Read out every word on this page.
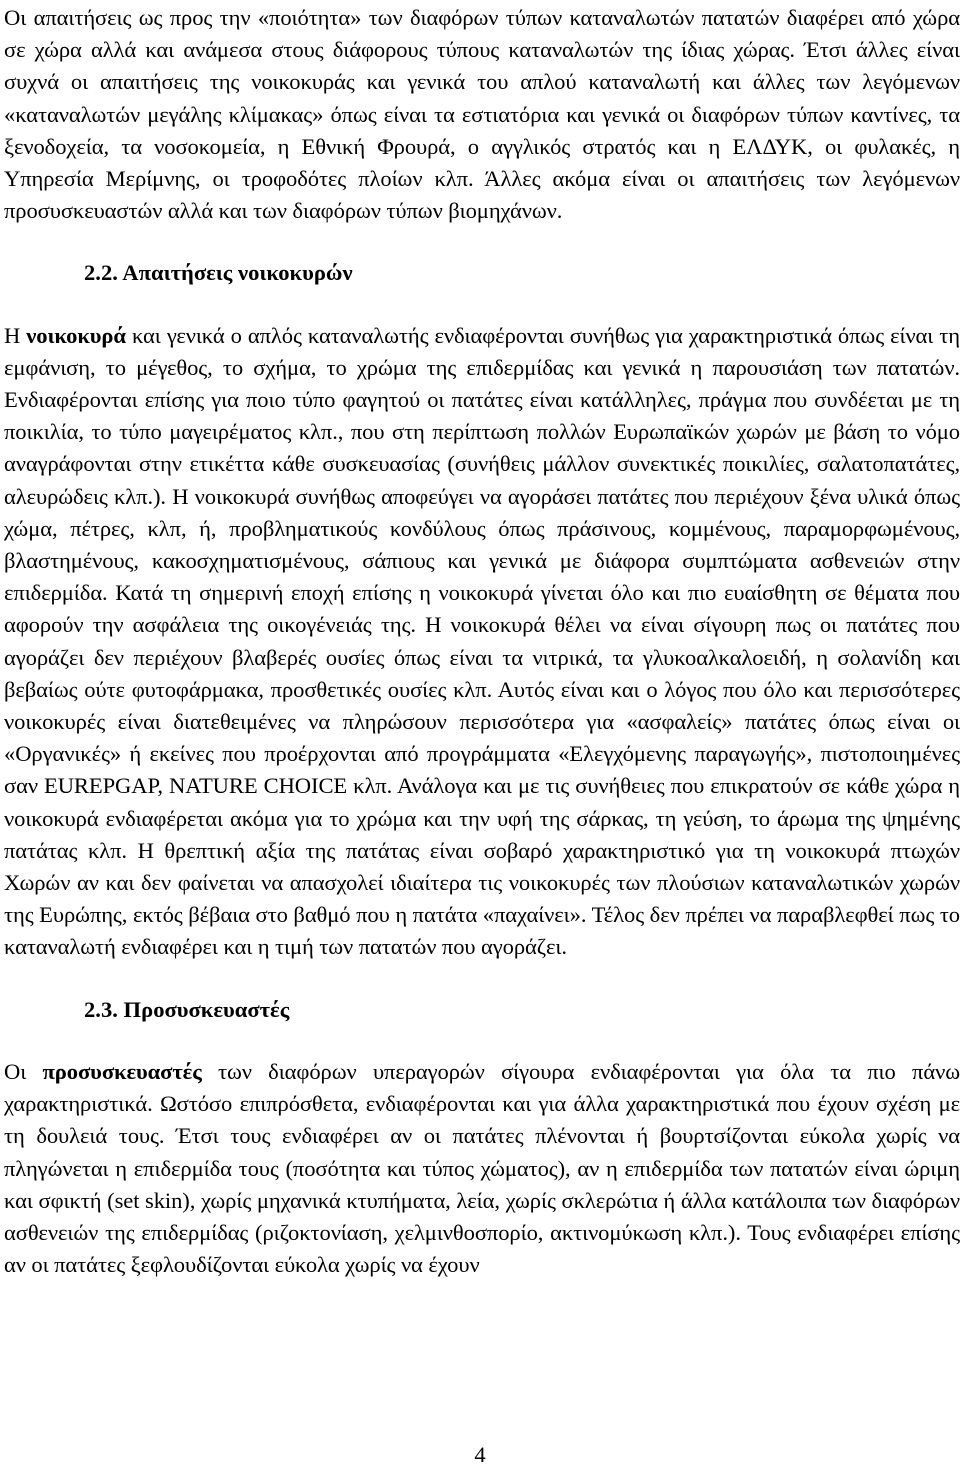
Οι απαιτήσεις ως προς την «ποιότητα» των διαφόρων τύπων καταναλωτών πατατών διαφέρει από χώρα σε χώρα αλλά και ανάμεσα στους διάφορους τύπους καταναλωτών της ίδιας χώρας. Έτσι άλλες είναι συχνά οι απαιτήσεις της νοικοκυράς και γενικά του απλού καταναλωτή και άλλες των λεγόμενων «καταναλωτών μεγάλης κλίμακας» όπως είναι τα εστιατόρια και γενικά οι διαφόρων τύπων καντίνες, τα ξενοδοχεία, τα νοσοκομεία, η Εθνική Φρουρά, ο αγγλικός στρατός και η ΕΛΔΥΚ, οι φυλακές, η Υπηρεσία Μερίμνης, οι τροφοδότες πλοίων κλπ. Άλλες ακόμα είναι οι απαιτήσεις των λεγόμενων προσυσκευαστών αλλά και των διαφόρων τύπων βιομηχάνων.

2.2. Απαιτήσεις νοικοκυρών

Η νοικοκυρά και γενικά ο απλός καταναλωτής ενδιαφέρονται συνήθως για χαρακτηριστικά όπως είναι τη εμφάνιση, το μέγεθος, το σχήμα, το χρώμα της επιδερμίδας και γενικά η παρουσιάση των πατατών. Ενδιαφέρονται επίσης για ποιο τύπο φαγητού οι πατάτες είναι κατάλληλες, πράγμα που συνδέεται με τη ποικιλία, το τύπο μαγειρέματος κλπ., που στη περίπτωση πολλών Ευρωπαϊκών χωρών με βάση το νόμο αναγράφονται στην ετικέττα κάθε συσκευασίας (συνήθεις μάλλον συνεκτικές ποικιλίες, σαλατοπατάτες, αλευρώδεις κλπ.). Η νοικοκυρά συνήθως αποφεύγει να αγοράσει πατάτες που περιέχουν ξένα υλικά όπως χώμα, πέτρες, κλπ, ή, προβληματικούς κονδύλους όπως πράσινους, κομμένους, παραμορφωμένους, βλαστημένους, κακοσχηματισμένους, σάπιους και γενικά με διάφορα συμπτώματα ασθενειών στην επιδερμίδα. Κατά τη σημερινή εποχή επίσης η νοικοκυρά γίνεται όλο και πιο ευαίσθητη σε θέματα που αφορούν την ασφάλεια της οικογένειάς της. Η νοικοκυρά θέλει να είναι σίγουρη πως οι πατάτες που αγοράζει δεν περιέχουν βλαβερές ουσίες όπως είναι τα νιτρικά, τα γλυκοαλκαλοειδή, η σολανίδη και βεβαίως ούτε φυτοφάρμακα, προσθετικές ουσίες κλπ. Αυτός είναι και ο λόγος που όλο και περισσότερες νοικοκυρές είναι διατεθειμένες να πληρώσουν περισσότερα για «ασφαλείς» πατάτες όπως είναι οι «Οργανικές» ή εκείνες που προέρχονται από προγράμματα «Ελεγχόμενης παραγωγής», πιστοποιημένες σαν EUREPGAP, NATURE CHOICE κλπ. Ανάλογα και με τις συνήθειες που επικρατούν σε κάθε χώρα η νοικοκυρά ενδιαφέρεται ακόμα για το χρώμα και την υφή της σάρκας, τη γεύση, το άρωμα της ψημένης πατάτας κλπ. Η θρεπτική αξία της πατάτας είναι σοβαρό χαρακτηριστικό για τη νοικοκυρά πτωχών Χωρών αν και δεν φαίνεται να απασχολεί ιδιαίτερα τις νοικοκυρές των πλούσιων καταναλωτικών χωρών της Ευρώπης, εκτός βέβαια στο βαθμό που η πατάτα «παχαίνει». Τέλος δεν πρέπει να παραβλεφθεί πως το καταναλωτή ενδιαφέρει και η τιμή των πατατών που αγοράζει.

2.3. Προσυσκευαστές

Οι προσυσκευαστές των διαφόρων υπεραγορών σίγουρα ενδιαφέρονται για όλα τα πιο πάνω χαρακτηριστικά. Ωστόσο επιπρόσθετα, ενδιαφέρονται και για άλλα χαρακτηριστικά που έχουν σχέση με τη δουλειά τους. Έτσι τους ενδιαφέρει αν οι πατάτες πλένονται ή βουρτσίζονται εύκολα χωρίς να πληγώνεται η επιδερμίδα τους (ποσότητα και τύπος χώματος), αν η επιδερμίδα των πατατών είναι ώριμη και σφικτή (set skin), χωρίς μηχανικά κτυπήματα, λεία, χωρίς σκλερώτια ή άλλα κατάλοιπα των διαφόρων ασθενειών της επιδερμίδας (ριζοκτονίαση, χελμινθοσπορίο, ακτινομύκωση κλπ.). Τους ενδιαφέρει επίσης αν οι πατάτες ξεφλουδίζονται εύκολα χωρίς να έχουν

4
